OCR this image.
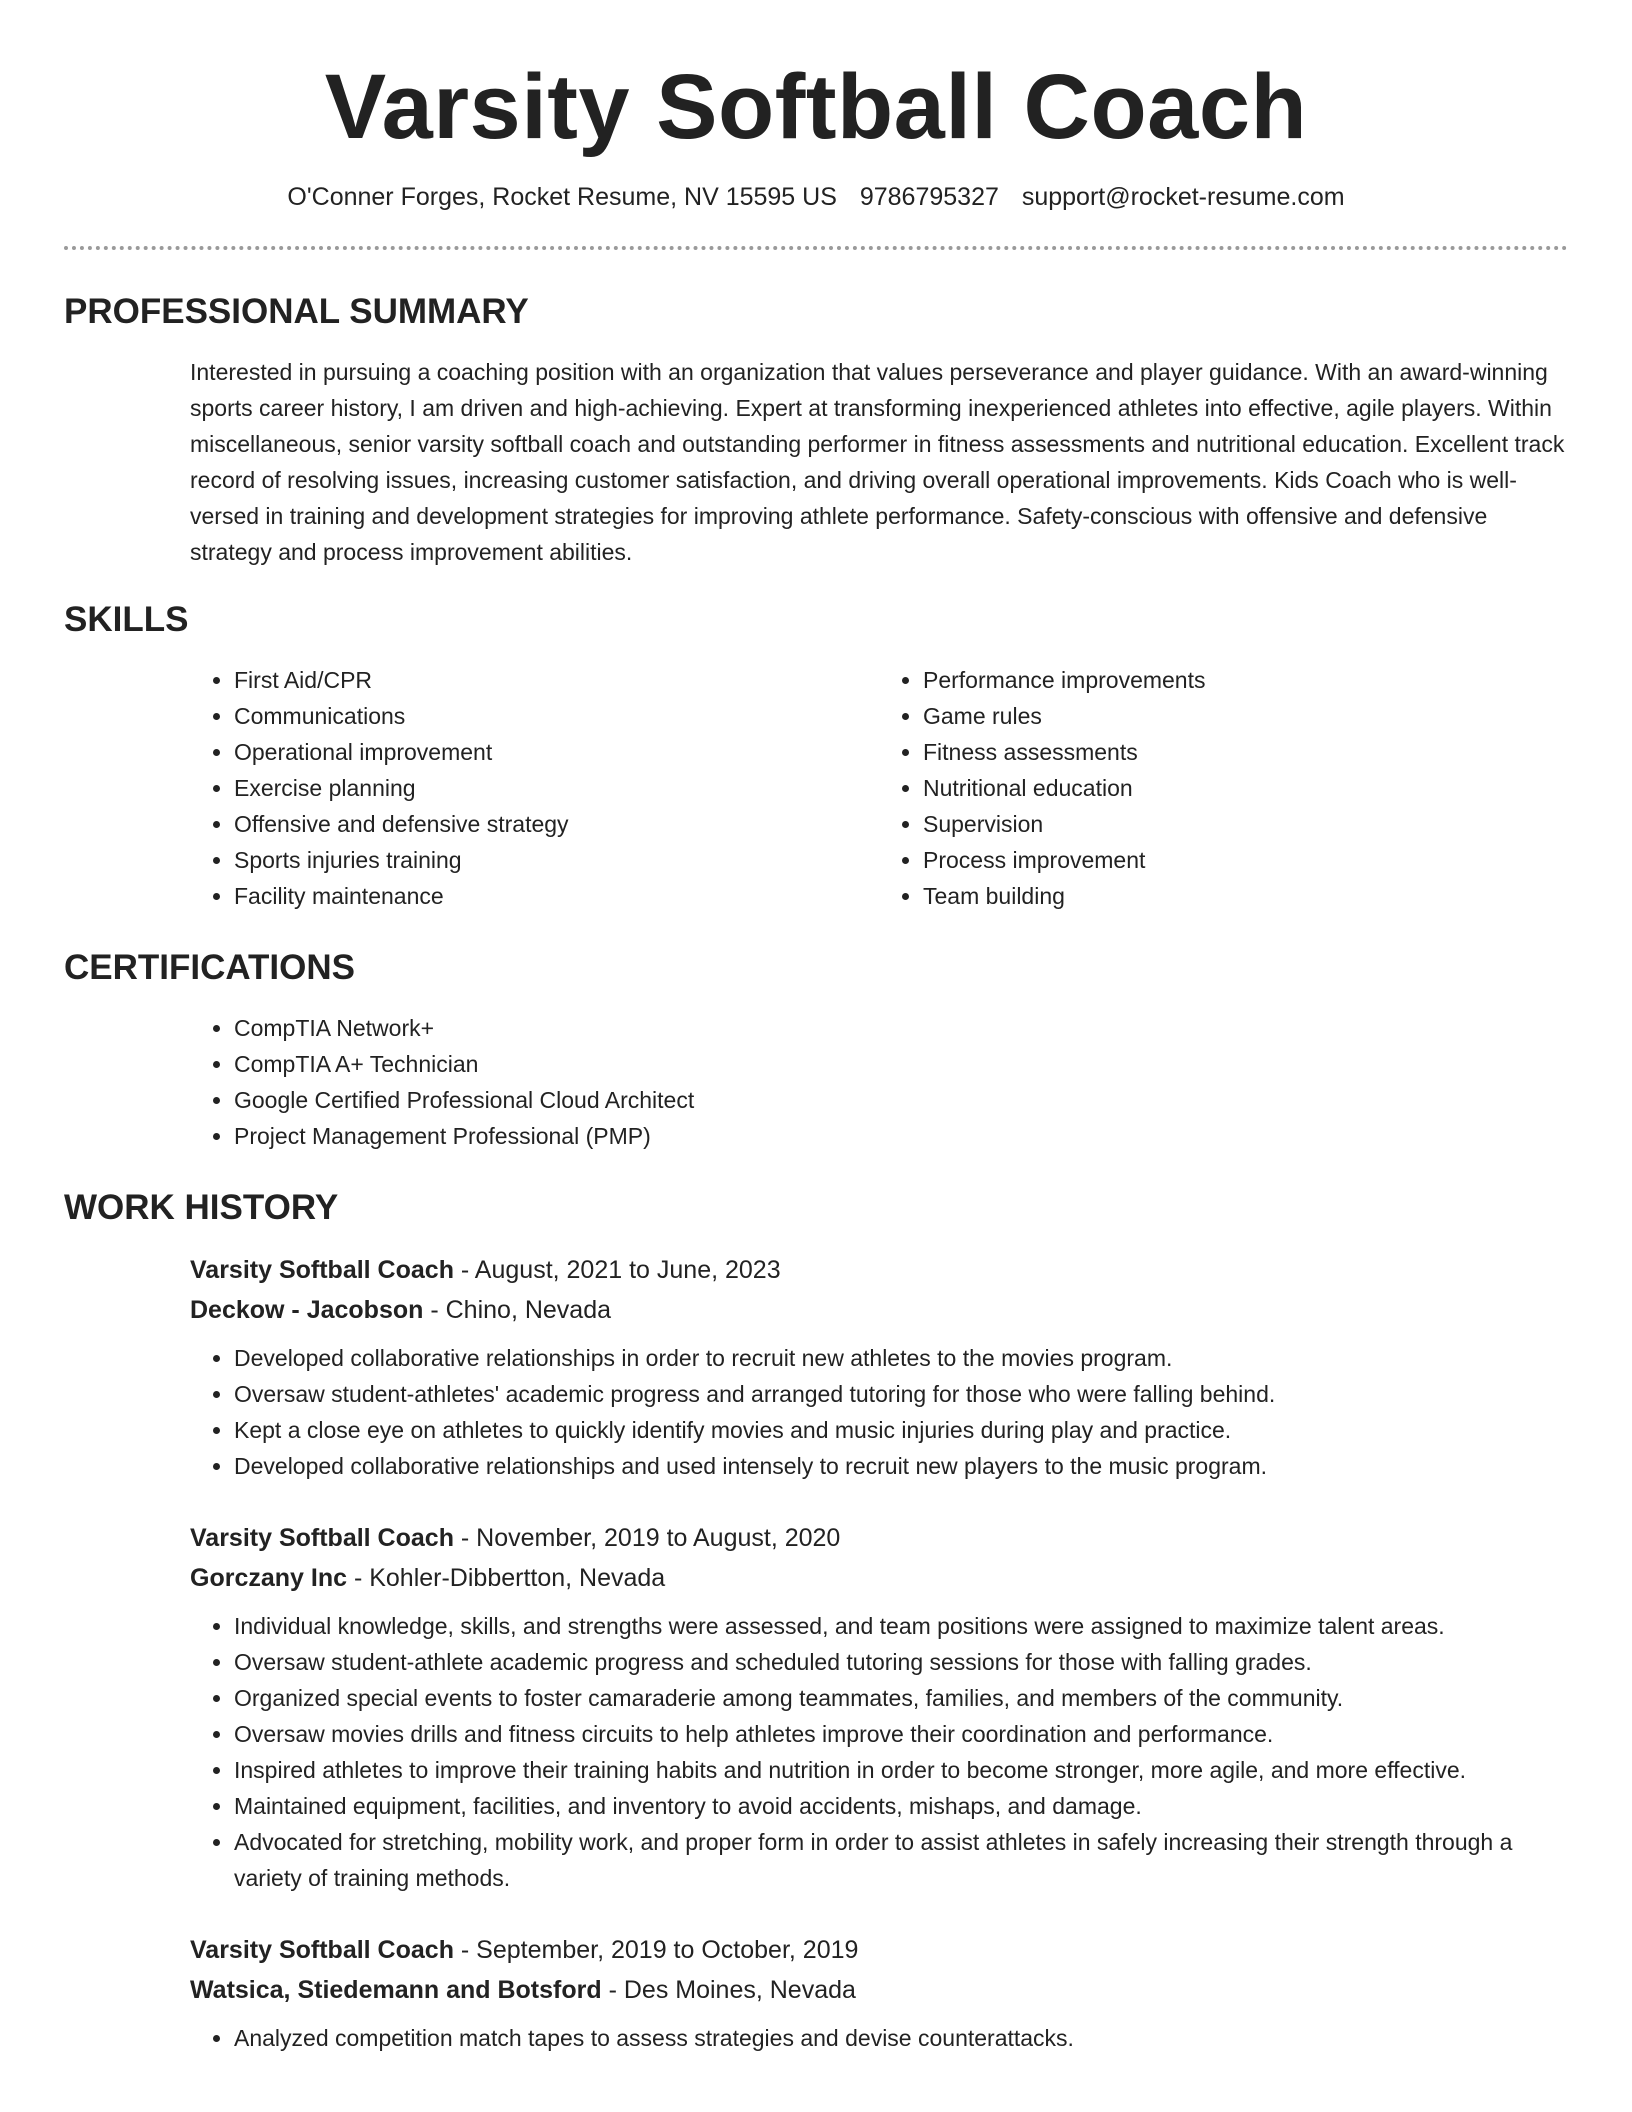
Varsity Softball Coach
O'Conner Forges, Rocket Resume, NV 15595 US 9786795327 support@rocket-resume.com
PROFESSIONAL SUMMARY

Interested in pursuing a coaching position with an organization that values perseverance and player guidance. With an award-winning sports career history, I am driven and high-achieving. Expert at transforming inexperienced athletes into effective, agile players. Within miscellaneous, senior varsity softball coach and outstanding performer in fitness assessments and nutritional education. Excellent track record of resolving issues, increasing customer satisfaction, and driving overall operational improvements. Kids Coach who is well-versed in training and development strategies for improving athlete performance. Safety-conscious with offensive and defensive strategy and process improvement abilities.

SKILLS
• First Aid/CPR
• Communications
• Operational improvement
• Exercise planning
• Offensive and defensive strategy
• Sports injuries training
• Facility maintenance
• Performance improvements
• Game rules
• Fitness assessments
• Nutritional education
• Supervision
• Process improvement
• Team building
CERTIFICATIONS
• CompTIA Network+
• CompTIA A+ Technician
• Google Certified Professional Cloud Architect
• Project Management Professional (PMP)
WORK HISTORY
Varsity Softball Coach - August, 2021 to June, 2023
Deckow - Jacobson - Chino, Nevada
• Developed collaborative relationships in order to recruit new athletes to the movies program.
• Oversaw student-athletes' academic progress and arranged tutoring for those who were falling behind.
• Kept a close eye on athletes to quickly identify movies and music injuries during play and practice.
• Developed collaborative relationships and used intensely to recruit new players to the music program.
Varsity Softball Coach - November, 2019 to August, 2020
Gorczany Inc - Kohler-Dibbertton, Nevada
• Individual knowledge, skills, and strengths were assessed, and team positions were assigned to maximize talent areas.
• Oversaw student-athlete academic progress and scheduled tutoring sessions for those with falling grades.
• Organized special events to foster camaraderie among teammates, families, and members of the community.
• Oversaw movies drills and fitness circuits to help athletes improve their coordination and performance.
• Inspired athletes to improve their training habits and nutrition in order to become stronger, more agile, and more effective.
• Maintained equipment, facilities, and inventory to avoid accidents, mishaps, and damage.
• Advocated for stretching, mobility work, and proper form in order to assist athletes in safely increasing their strength through a variety of training methods.
Varsity Softball Coach - September, 2019 to October, 2019
Watsica, Stiedemann and Botsford - Des Moines, Nevada
• Analyzed competition match tapes to assess strategies and devise counterattacks.
